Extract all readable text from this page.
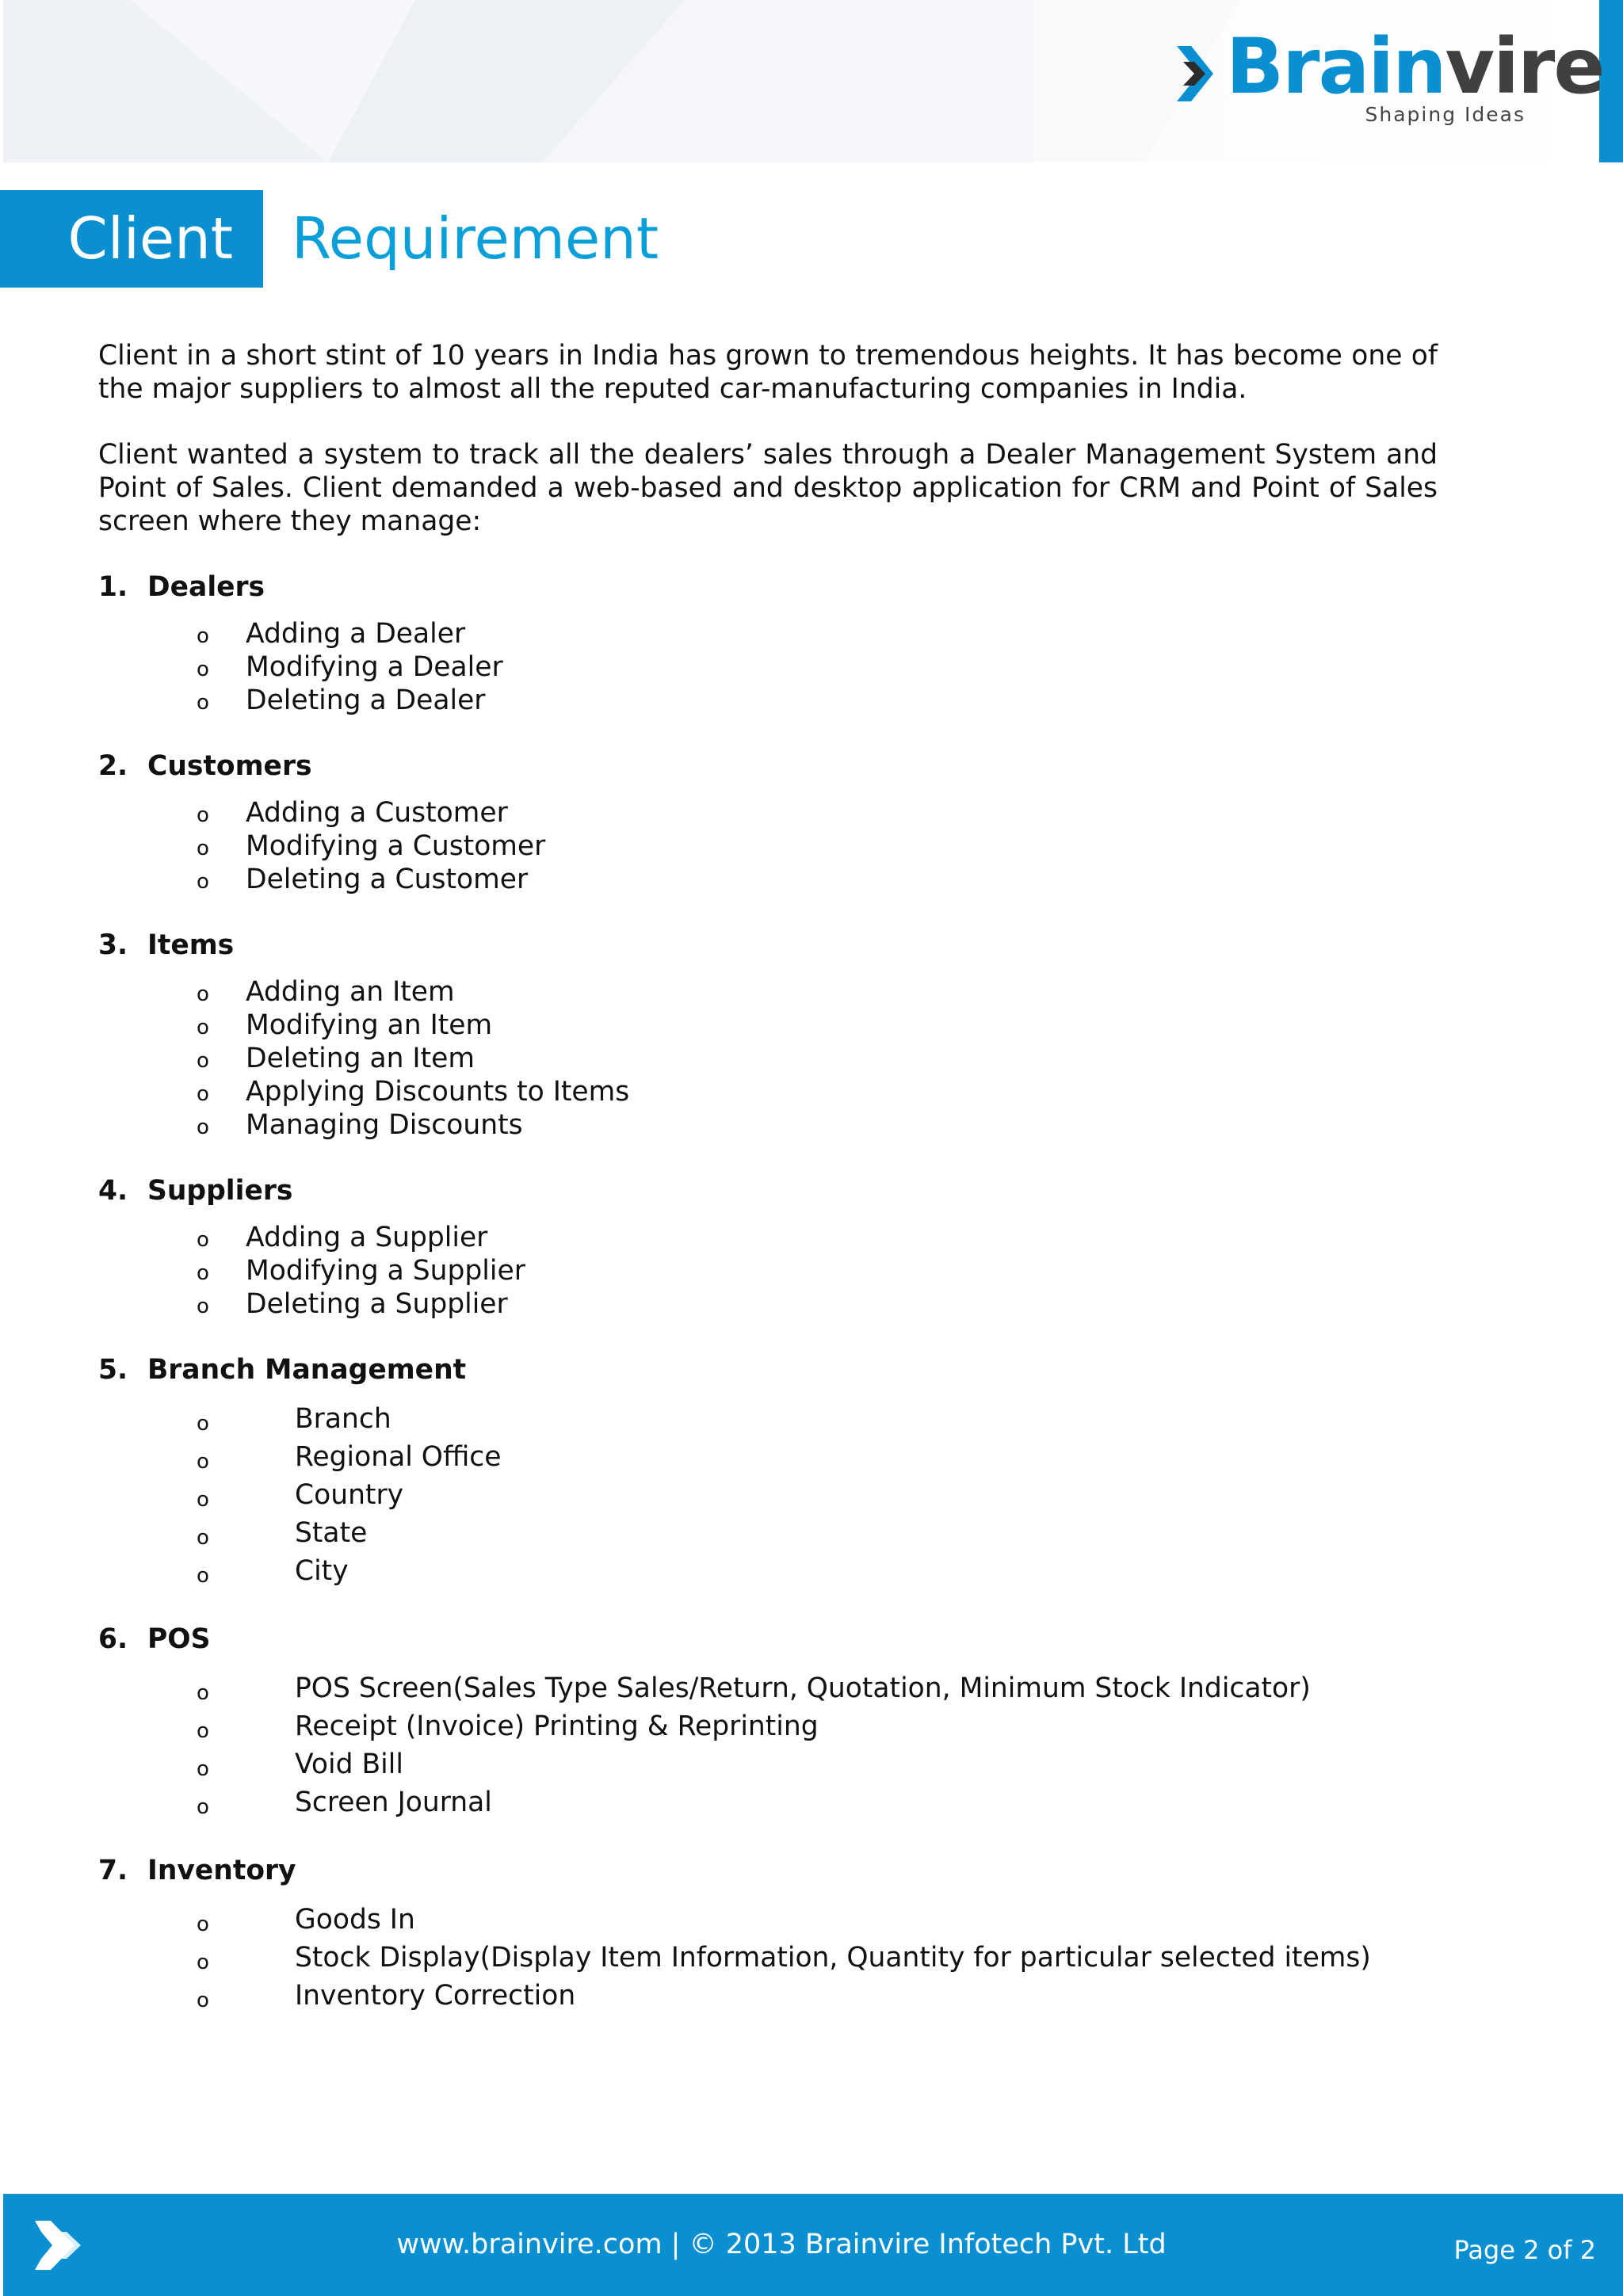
Brainvire
Shaping Ideas
Client Requirement

Client in a short stint of 10 years in India has grown to tremendous heights. It has become one of the major suppliers to almost all the reputed car-manufacturing companies in India.

Client wanted a system to track all the dealers’ sales through a Dealer Management System and Point of Sales. Client demanded a web-based and desktop application for CRM and Point of Sales screen where they manage:

1. Dealers
o Adding a Dealer
o Modifying a Dealer
o Deleting a Dealer
2. Customers
o Adding a Customer
o Modifying a Customer
o Deleting a Customer
3. Items
o Adding an Item
o Modifying an Item
o Deleting an Item
o Applying Discounts to Items
o Managing Discounts
4. Suppliers
o Adding a Supplier
o Modifying a Supplier
o Deleting a Supplier
5. Branch Management
o	Branch
o	Regional Office
o	Country
o	State
o	City
6. POS
o	POS Screen(Sales Type Sales/Return, Quotation, Minimum Stock Indicator)
o	Receipt (Invoice) Printing & Reprinting
o	Void Bill
o	Screen Journal
7. Inventory
o	Goods In
o	Stock Display(Display Item Information, Quantity for particular selected items)
o	Inventory Correction
www.brainvire.com | © 2013 Brainvire Infotech Pvt. Ltd	Page 2 of 2
